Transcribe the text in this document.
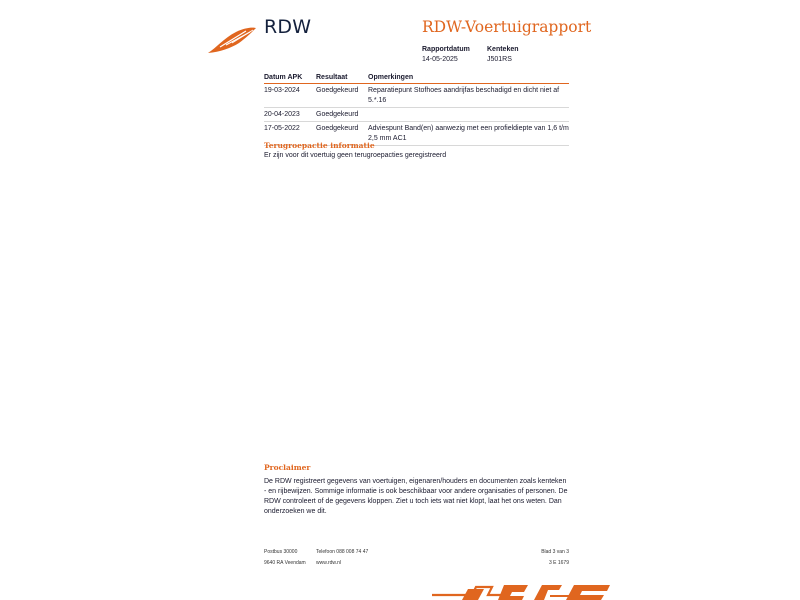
RDW	RDW-Voertuigrapport
Rapportdatum
14-05-2025
Kenteken
J501RS
Datum APK	Resultaat	Opmerkingen
19-03-2024	Goedgekeurd	Reparatiepunt Stofhoes aandrijfas beschadigd en dicht niet af 5.*.16
20-04-2023	Goedgekeurd	
17-05-2022	Goedgekeurd	Adviespunt Band(en) aanwezig met een profieldiepte van 1,6 t/m 2,5 mm AC1
Terugroepactie informatie
Er zijn voor dit voertuig geen terugroepacties geregistreerd
Proclaimer
De RDW registreert gegevens van voertuigen, eigenaren/houders en documenten zoals kenteken - en rijbewijzen. Sommige informatie is ook beschikbaar voor andere organisaties of personen. De RDW controleert of de gegevens kloppen. Ziet u toch iets wat niet klopt, laat het ons weten. Dan onderzoeken we dit.
Postbus 30000
9640 RA Veendam
Telefoon 088 008 74 47
www.rdw.nl
Blad 3 van 3
3 E 1679
